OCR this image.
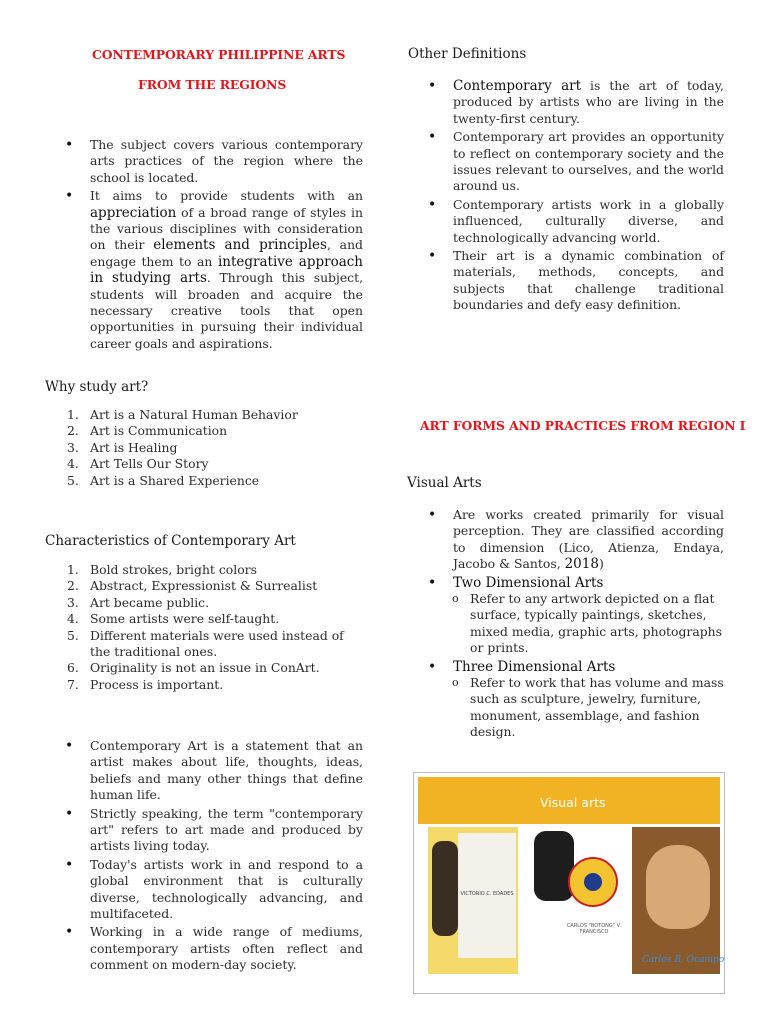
CONTEMPORARY PHILIPPINE ARTS
FROM THE REGIONS
• The subject covers various contemporary arts practices of the region where the school is located.
• It aims to provide students with an appreciation of a broad range of styles in the various disciplines with consideration on their elements and principles, and engage them to an integrative approach in studying arts. Through this subject, students will broaden and acquire the necessary creative tools that open opportunities in pursuing their individual career goals and aspirations.
Why study art?
1. Art is a Natural Human Behavior
2. Art is Communication
3. Art is Healing
4. Art Tells Our Story
5. Art is a Shared Experience
Characteristics of Contemporary Art
1. Bold strokes, bright colors
2. Abstract, Expressionist & Surrealist
3. Art became public.
4. Some artists were self-taught.
5. Different materials were used instead of the traditional ones.
6. Originality is not an issue in ConArt.
7. Process is important.
• Contemporary Art is a statement that an artist makes about life, thoughts, ideas, beliefs and many other things that define human life.
• Strictly speaking, the term "contemporary art" refers to art made and produced by artists living today.
• Today's artists work in and respond to a global environment that is culturally diverse, technologically advancing, and multifaceted.
• Working in a wide range of mediums, contemporary artists often reflect and comment on modern-day society.
Other Definitions
• Contemporary art is the art of today, produced by artists who are living in the twenty-first century.
• Contemporary art provides an opportunity to reflect on contemporary society and the issues relevant to ourselves, and the world around us.
• Contemporary artists work in a globally influenced, culturally diverse, and technologically advancing world.
• Their art is a dynamic combination of materials, methods, concepts, and subjects that challenge traditional boundaries and defy easy definition.
ART FORMS AND PRACTICES FROM REGION I
Visual Arts
• Are works created primarily for visual perception. They are classified according to dimension (Lico, Atienza, Endaya, Jacobo & Santos, 2018)
• Two Dimensional Arts
o Refer to any artwork depicted on a flat surface, typically paintings, sketches, mixed media, graphic arts, photographs or prints.
• Three Dimensional Arts
o Refer to work that has volume and mass such as sculpture, jewelry, furniture, monument, assemblage, and fashion design.
Visual arts
VICTORIO C. EDADES
CARLOS "BOTONG" V. FRANCISCO
Carlos B. Ocampo
